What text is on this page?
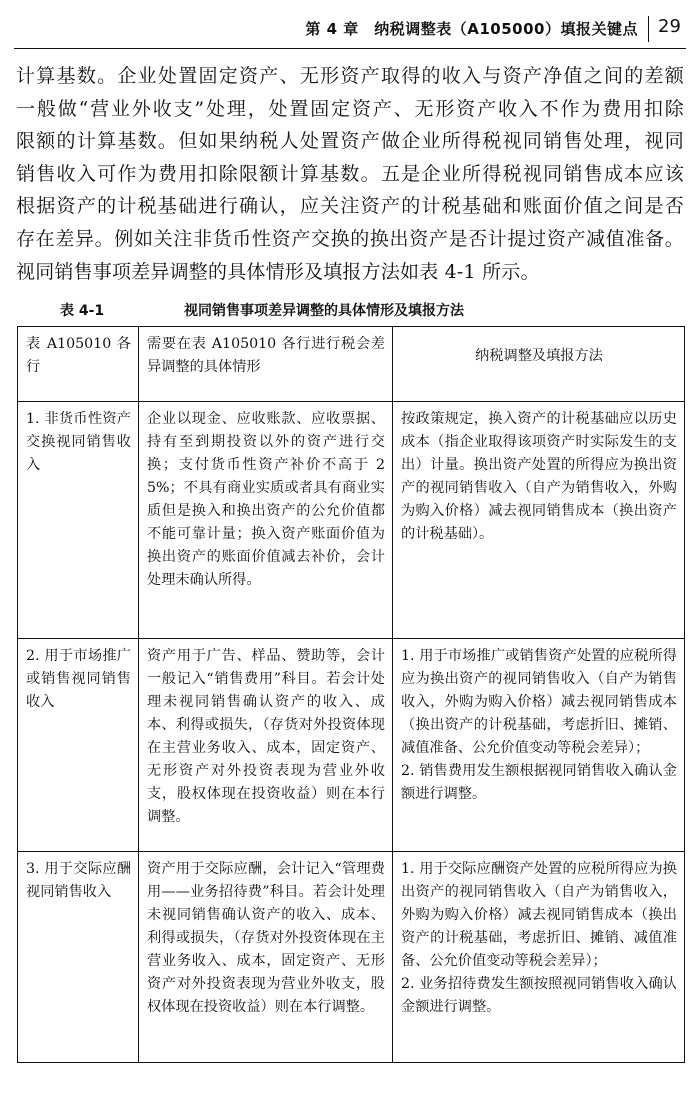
第 4 章　纳税调整表（A105000）填报关键点 29
计算基数。企业处置固定资产、无形资产取得的收入与资产净值之间的差额
一般做“营业外收支”处理，处置固定资产、无形资产收入不作为费用扣除
限额的计算基数。但如果纳税人处置资产做企业所得税视同销售处理，视同
销售收入可作为费用扣除限额计算基数。五是企业所得税视同销售成本应该
根据资产的计税基础进行确认，应关注资产的计税基础和账面价值之间是否
存在差异。例如关注非货币性资产交换的换出资产是否计提过资产减值准备。
视同销售事项差异调整的具体情形及填报方法如表 4-1 所示。
表 4-1	视同销售事项差异调整的具体情形及填报方法
表 A105010 各行	需要在表 A105010 各行进行税会差异调整的具体情形	纳税调整及填报方法
1. 非货币性资产交换视同销售收入	企业以现金、应收账款、应收票据、持有至到期投资以外的资产进行交换；支付货币性资产补价不高于 25%；不具有商业实质或者具有商业实质但是换入和换出资产的公允价值都不能可靠计量；换入资产账面价值为换出资产的账面价值减去补价，会计处理未确认所得。	按政策规定，换入资产的计税基础应以历史成本（指企业取得该项资产时实际发生的支出）计量。换出资产处置的所得应为换出资产的视同销售收入（自产为销售收入，外购为购入价格）减去视同销售成本（换出资产的计税基础）。
2. 用于市场推广或销售视同销售收入	资产用于广告、样品、赞助等，会计一般记入“销售费用”科目。若会计处理未视同销售确认资产的收入、成本、利得或损失，（存货对外投资体现在主营业务收入、成本，固定资产、无形资产对外投资表现为营业外收支，股权体现在投资收益）则在本行调整。	1. 用于市场推广或销售资产处置的应税所得应为换出资产的视同销售收入（自产为销售收入，外购为购入价格）减去视同销售成本（换出资产的计税基础，考虑折旧、摊销、减值准备、公允价值变动等税会差异）；
2. 销售费用发生额根据视同销售收入确认金额进行调整。

3. 用于交际应酬视同销售收入	资产用于交际应酬，会计记入“管理费用——业务招待费”科目。若会计处理未视同销售确认资产的收入、成本、利得或损失，（存货对外投资体现在主营业务收入、成本，固定资产、无形资产对外投资表现为营业外收支，股权体现在投资收益）则在本行调整。	1. 用于交际应酬资产处置的应税所得应为换出资产的视同销售收入（自产为销售收入，外购为购入价格）减去视同销售成本（换出资产的计税基础，考虑折旧、摊销、减值准备、公允价值变动等税会差异）；
2. 业务招待费发生额按照视同销售收入确认金额进行调整。
